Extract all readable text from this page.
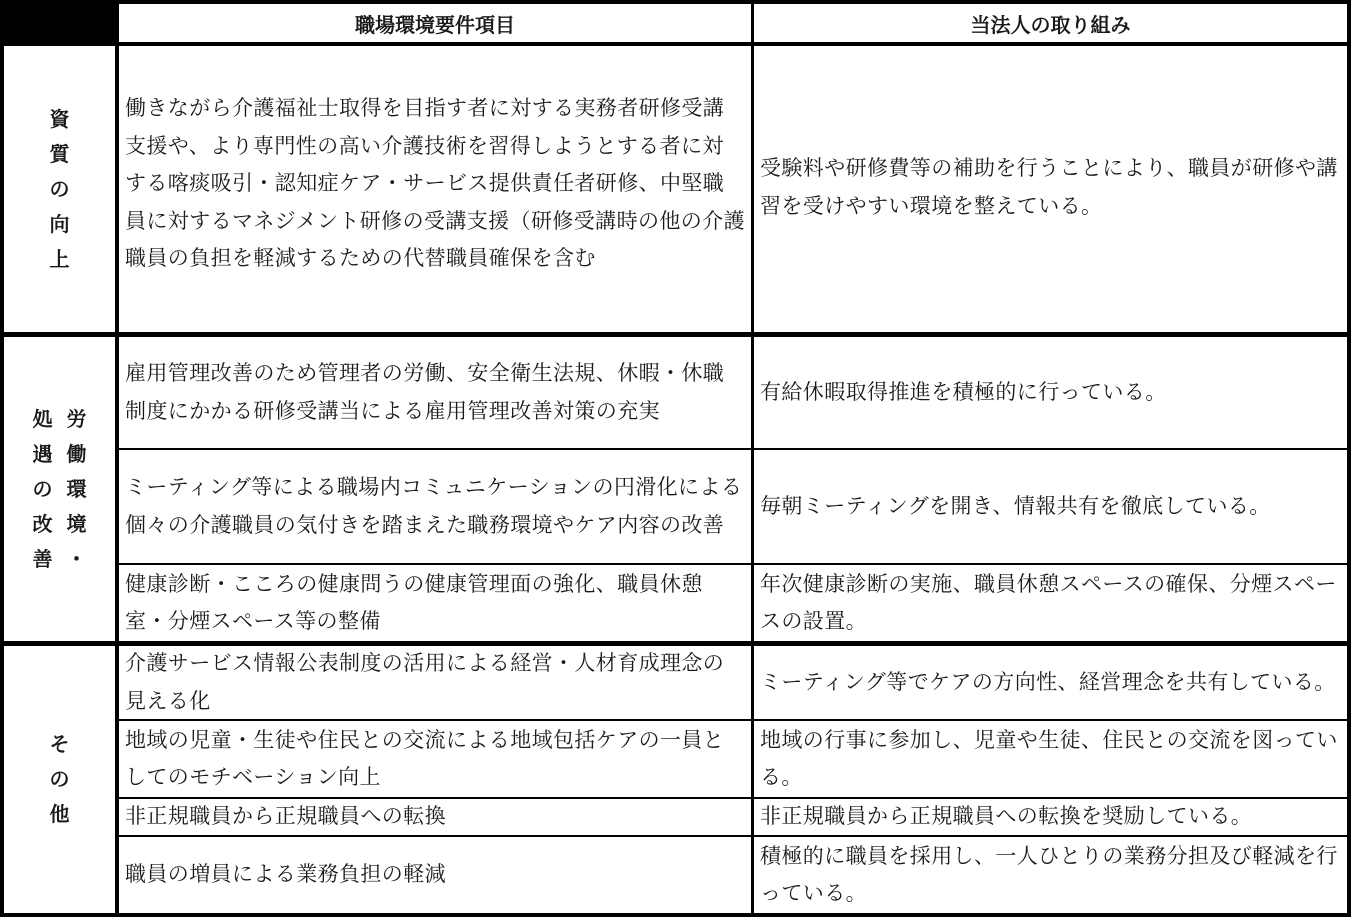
職場環境要件項目	当法人の取り組み
資
質
の
向
上
労
働
環
境
・
処
遇
の
改
善
そ
の
他
働きながら介護福祉士取得を目指す者に対する実務者研修受講支援や、より専門性の高い介護技術を習得しようとする者に対する喀痰吸引・認知症ケア・サービス提供責任者研修、中堅職員に対するマネジメント研修の受講支援（研修受講時の他の介護職員の負担を軽減するための代替職員確保を含む
受験料や研修費等の補助を行うことにより、職員が研修や講習を受けやすい環境を整えている。
雇用管理改善のため管理者の労働、安全衛生法規、休暇・休職制度にかかる研修受講当による雇用管理改善対策の充実
有給休暇取得推進を積極的に行っている。
ミーティング等による職場内コミュニケーションの円滑化による個々の介護職員の気付きを踏まえた職務環境やケア内容の改善
毎朝ミーティングを開き、情報共有を徹底している。
健康診断・こころの健康問うの健康管理面の強化、職員休憩室・分煙スペース等の整備
年次健康診断の実施、職員休憩スペースの確保、分煙スペースの設置。
介護サービス情報公表制度の活用による経営・人材育成理念の見える化
ミーティング等でケアの方向性、経営理念を共有している。
地域の児童・生徒や住民との交流による地域包括ケアの一員としてのモチベーション向上
地域の行事に参加し、児童や生徒、住民との交流を図っている。
非正規職員から正規職員への転換	非正規職員から正規職員への転換を奨励している。
職員の増員による業務負担の軽減
積極的に職員を採用し、一人ひとりの業務分担及び軽減を行っている。
